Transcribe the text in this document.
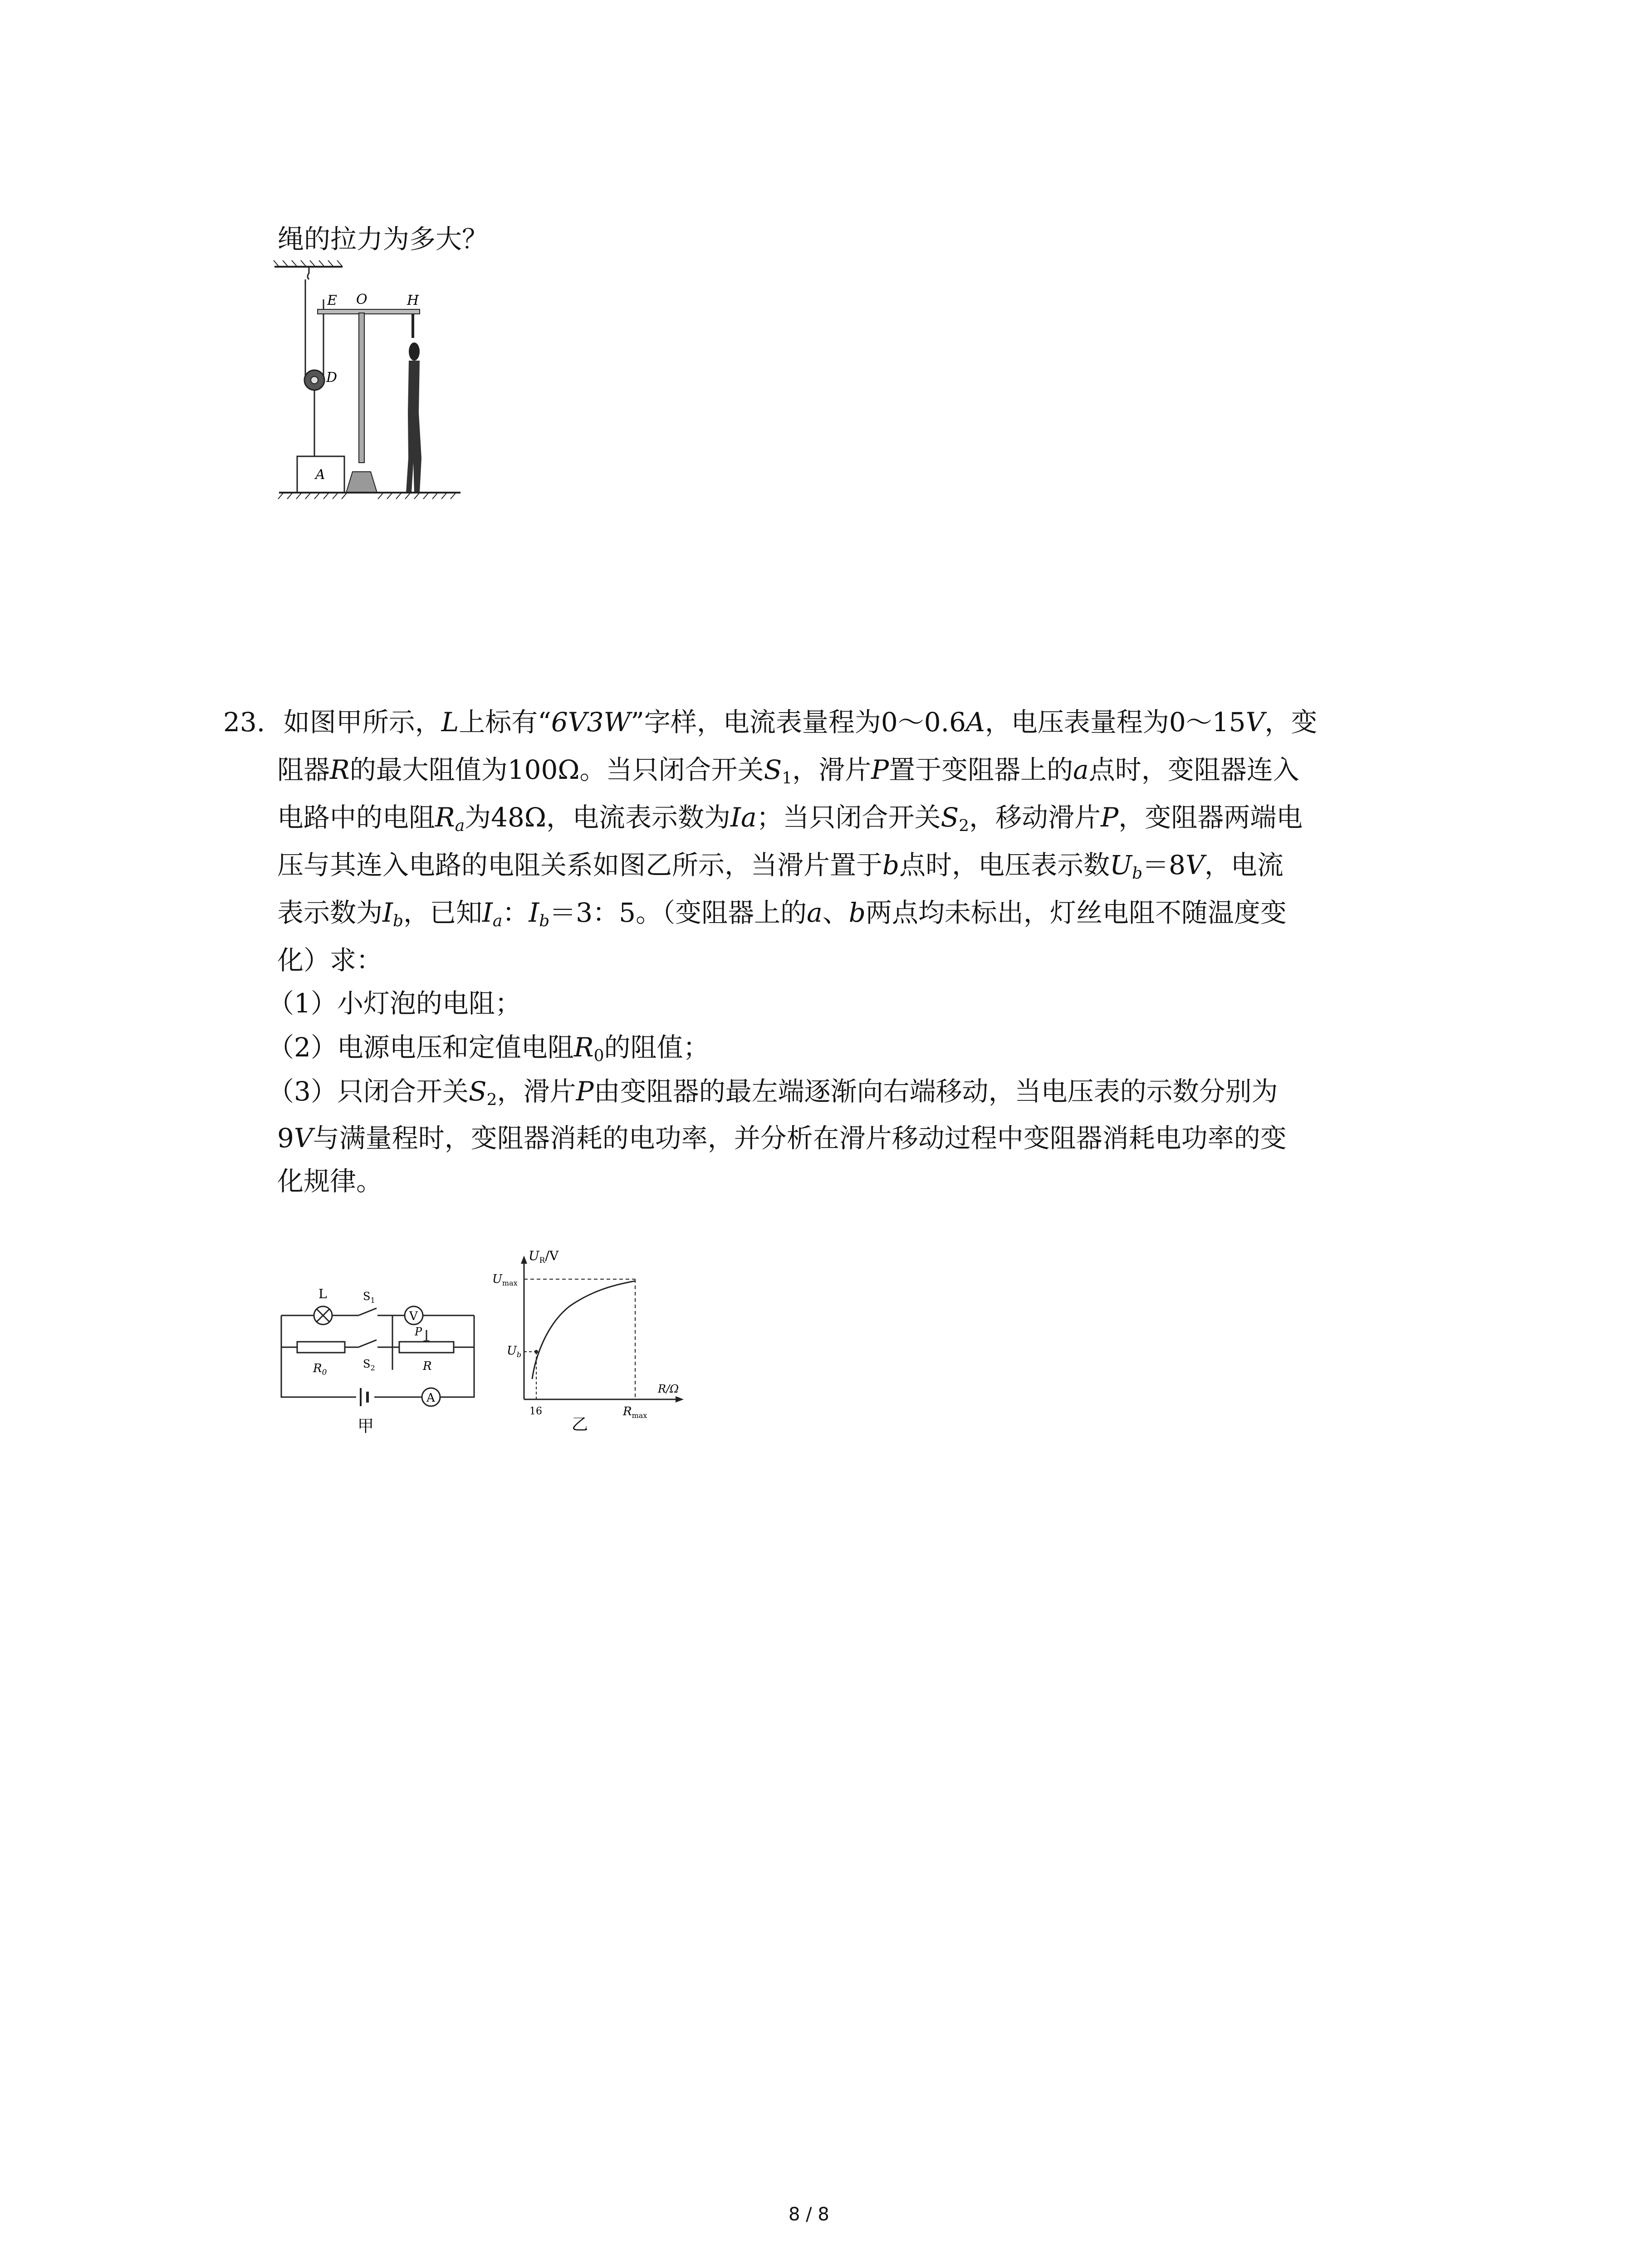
绳的拉力为多大？
D
E O	H
A
23. 如图甲所示，L上标有“6V3W”字样，电流表量程为0～0.6A，电压表量程为0～15V，变
阻器R的最大阻值为100Ω。当只闭合开关$S_1$，滑片P置于变阻器上的a点时，变阻器连入
电路中的电阻$R_a$为48Ω，电流表示数为Ia；当只闭合开关$S_2$，移动滑片P，变阻器两端电
压与其连入电路的电阻关系如图乙所示，当滑片置于b点时，电压表示数$U_b=8V$，电流
表示数为$I_b$，已知$I_a$：$I_b=3$：5。（变阻器上的a、b两点均未标出，灯丝电阻不随温度变
化）求：
（1）小灯泡的电阻；
（2）电源电压和定值电阻$R_0$的阻值；
（3）只闭合开关$S_2$，滑片P由变阻器的最左端逐渐向右端移动，当电压表的示数分别为
9V与满量程时，变阻器消耗的电功率，并分析在滑片移动过程中变阻器消耗电功率的变
化规律。
L
$R_0$
$S_1$
$S_2$
V
P
R
A
甲
$U_R/V$
$U_{max}$
$U_b$
R/Ω
16	$R_{max}$
乙
8 / 8
